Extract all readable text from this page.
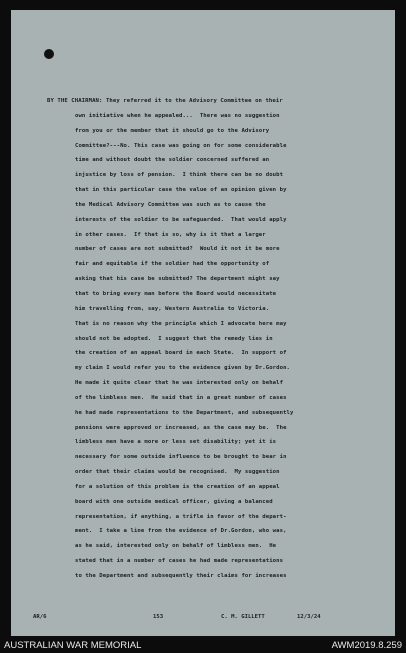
BY THE CHAIRMAN: They referred it to the Advisory Committee on their
own initiative when he appealed...  There was no suggestion
from you or the member that it should go to the Advisory
Committee?---No. This case was going on for some considerable
time and without doubt the soldier concerned suffered an
injustice by loss of pension.  I think there can be no doubt
that in this particular case the value of an opinion given by
the Medical Advisory Committee was such as to cause the
interests of the soldier to be safeguarded.  That would apply
in other cases.  If that is so, why is it that a larger
number of cases are not submitted?  Would it not it be more
fair and equitable if the soldier had the opportunity of
asking that his case be submitted? The department might say
that to bring every man before the Board would necessitate
him travelling from, say, Western Australia to Victoria.
That is no reason why the principle which I advocate here may
should not be adopted.  I suggest that the remedy lies in
the creation of an appeal board in each State.  In support of
my claim I would refer you to the evidence given by Dr.Gordon.
He made it quite clear that he was interested only on behalf
of the limbless men.  He said that in a great number of cases
he had made representations to the Department, and subsequently
pensions were approved or increased, as the case may be.  The
limbless men have a more or less set disability; yet it is
necessary for some outside influence to be brought to bear in
order that their claims would be recognised.  My suggestion
for a solution of this problem is the creation of an appeal
board with one outside medical officer, giving a balanced
representation, if anything, a trifle in favor of the depart-
ment.  I take a line from the evidence of Dr.Gordon, who was,
as he said, interested only on behalf of limbless men.  He
stated that in a number of cases he had made representations
to the Department and subsequently their claims for increases
AR/6	153	C. M. GILLETT	12/3/24
AUSTRALIAN WAR MEMORIAL	AWM2019.8.259
